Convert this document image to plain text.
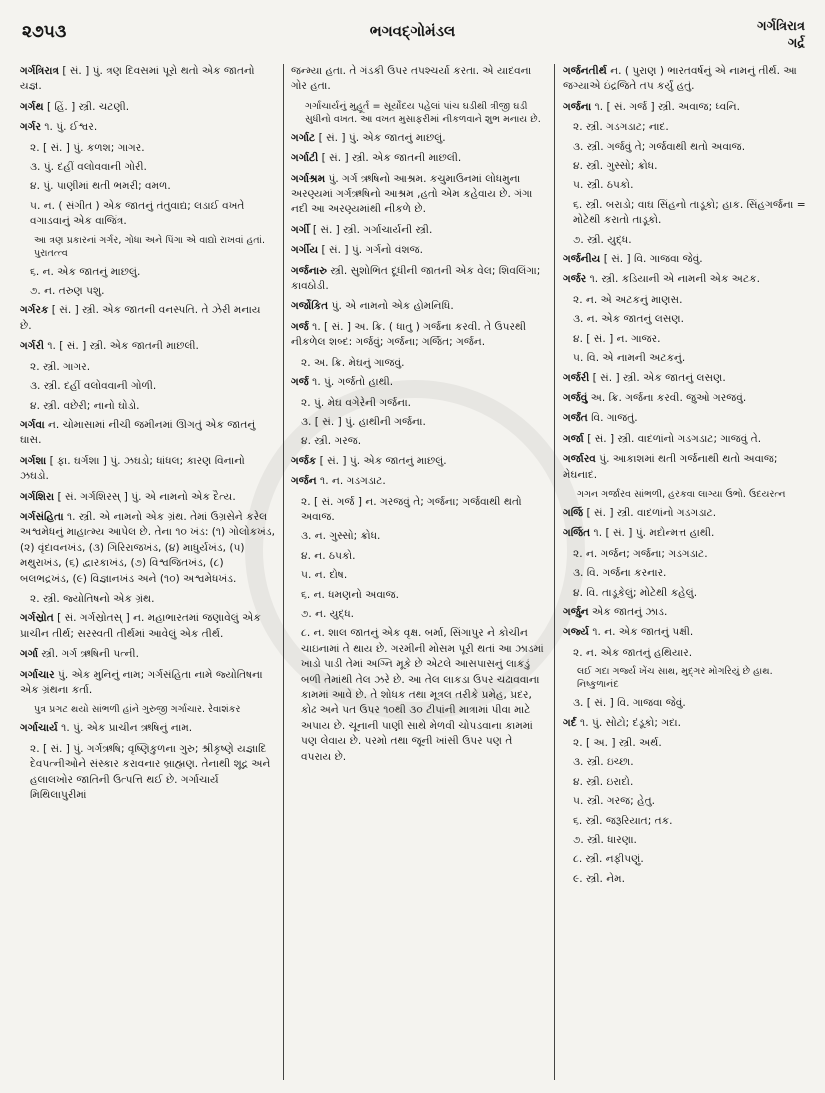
૨૭૫૩	ભગવદ્ગોમંડલ	ગર્ગત્રિરાત્ર
ગર્દ્ર
ગર્ગત્રિરાત્ર [ સં. ] પું. ત્રણ દિવસમાં પૂરો થતો એક જાતનો યજ્ઞ.
ગર્ગથ [ હિં. ] સ્ત્રી. ચટણી.
ગર્ગર ૧. પું. ઈશ્વર.
૨. [ સં. ] પું. કળશ; ગાગર.
૩. પું. દહીં વલોવવાની ગોરી.
૪. પું. પાણીમાં થતી ભમરી; વમળ.
૫. ન. ( સંગીત ) એક જાતનું તંતુવાદ્ય; લડાઈ વખતે વગાડવાનું એક વાજિંત્ર.
આ ત્રણ પ્રકારનાં ગર્ગર, ગોધા અને પિંગા એ વાદ્યો રાખવાં હતાં. પુરાતત્ત્વ
૬. ન. એક જાતનું માછલું.
૭. ન. તરુણ પશુ.
ગર્ગરક [ સં. ] સ્ત્રી. એક જાતની વનસ્પતિ. તે ઝેરી મનાય છે.
ગર્ગરી ૧. [ સં. ] સ્ત્રી. એક જાતની માછલી.
૨. સ્ત્રી. ગાગર.
૩. સ્ત્રી. દહીં વલોવવાની ગોળી.
૪. સ્ત્રી. વછેરી; નાનો ઘોડો.
ગર્ગવા ન. ચોમાસામાં નીચી જમીનમાં ઊગતું એક જાતનું ઘાસ.
ગર્ગશા [ ફા. ઘર્ગશા ] પું. ઝઘડો; ધાંધલ; કારણ વિનાનો ઝઘડો.
ગર્ગશિરા [ સં. ગર્ગશિરસ્ ] પું. એ નામનો એક દૈત્ય.
ગર્ગસંહિતા ૧. સ્ત્રી. એ નામનો એક ગ્રંથ. તેમાં ઉગ્રસેને કરેલ અશ્વમેધનું માહાત્મ્ય આપેલ છે. તેના ૧૦ ખંડ: (૧) ગોલોકખંડ, (૨) વૃંદાવનખંડ, (૩) ગિરિરાજખંડ, (૪) માધુર્યખંડ, (૫) મથુરાખંડ, (૬) દ્વારકાખંડ, (૭) વિશ્વજિતખંડ, (૮) બલભદ્રખંડ, (૯) વિજ્ઞાનખંડ અને (૧૦) અશ્વમેધખંડ.
૨. સ્ત્રી. જ્યોતિષનો એક ગ્રંથ.
ગર્ગસ્રોત [ સં. ગર્ગસ્રોતસ્ ] ન. મહાભારતમાં જણાવેલું એક પ્રાચીન તીર્થ; સરસ્વતી તીર્થમાં આવેલું એક તીર્થ.
ગર્ગા સ્ત્રી. ગર્ગ ઋષિની પત્ની.
ગર્ગાચાર પું. એક મુનિનું નામ; ગર્ગસંહિતા નામે જ્યોતિષના એક ગ્રંથના કર્તા.
પુત્ર પ્રગટ થયો સાંભળી હાંને ગુરુજી ગર્ગાચાર. રેવાશંકર
ગર્ગાચાર્ય ૧. પું. એક પ્રાચીન ઋષિનું નામ.
૨. [ સં. ] પું. ગર્ગઋષિ; વૃષ્ણિકુળના ગુરુ; શ્રીકૃષ્ણે યજ્ઞાદિ દેવપત્નીઓને સંસ્કાર કરાવનાર બ્રાહ્મણ. તેનાથી શૂદ્ર અને હલાલખોર જાતિની ઉત્પત્તિ થઈ છે. ગર્ગાચાર્ય મિથિલાપુરીમાં
જન્મ્યા હતા. તે ગંડકી ઉપર તપશ્ચર્યા કરતા. એ યાદવના ગોર હતા.
ગર્ગાચાર્યનું મુહૂર્ત = સૂર્યોદય પહેલાં પાંચ ઘડીથી ત્રીજી ઘડી સુધીનો વખત. આ વખત મુસાફરીમાં નીકળવાને શુભ મનાય છે.
ગર્ગાટ [ સં. ] પું. એક જાતનું માછલું.
ગર્ગાટી [ સં. ] સ્ત્રી. એક જાતની માછલી.
ગર્ગાશ્રમ પું. ગર્ગ ઋષિનો આશ્રમ. કચુમાઉનમાં લોધમુના અરણ્યમાં ગર્ગઋષિનો આશ્રમ ,હતો એમ કહેવાય છે. ગંગા નદી આ અરણ્યમાંથી નીકળે છે.
ગર્ગી [ સં. ] સ્ત્રી. ગર્ગાચાર્યની સ્ત્રી.
ગર્ગીય [ સં. ] પું. ગર્ગનો વંશજ.
ગર્જનારુ સ્ત્રી. સુશોભિત દૂધીની જાતની એક વેલ; શિવલિંગા; કાવઠોડી.
ગર્જોકિત પું. એ નામનો એક હોમનિધિ.
ગર્જ ૧. [ સં. ] અ. ક્રિ. ( ધાતુ ) ગર્જના કરવી. તે ઉપરથી નીકળેલ શબ્દ: ગર્જવું; ગર્જના; ગર્જિત; ગર્જન.
૨. અ. ક્રિ. મેઘનું ગાજવું.
ગર્જ ૧. પું. ગર્જતો હાથી.
૨. પું. મેઘ વગેરેની ગર્જના.
૩. [ સં. ] પું. હાથીની ગર્જના.
૪. સ્ત્રી. ગરજ.
ગર્જક [ સં. ] પું. એક જાતનું માછલું.
ગર્જન ૧. ન. ગડગડાટ.
૨. [ સં. ગર્જ ] ન. ગરજવું તે; ગર્જના; ગર્જવાથી થતો અવાજ.
૩. ન. ગુસ્સો; ક્રોધ.
૪. ન. ઠપકો.
૫. ન. દોષ.
૬. ન. ધમણનો અવાજ.
૭. ન. યુદ્ધ.
૮. ન. શાલ જાતનું એક વૃક્ષ. બર્મા, સિંગાપુર ને કોચીન ચાઇનામાં તે થાય છે. ગરમીની મોસમ પૂરી થતાં આ ઝાડમાં ખાડો પાડી તેમાં અગ્નિ મૂકે છે એટલે આસપાસનું લાકડું બળી તેમાંથી તેલ ઝરે છે. આ તેલ લાકડા ઉપર ચઢાવવાના કામમાં આવે છે. તે શોધક તથા મૂત્રલ તરીકે પ્રમેહ, પ્રદર, કોઢ અને પત ઉપર ૧૦થી ૩૦ ટીપાંની માત્રામાં પીવા માટે અપાય છે. ચૂનાની પાણી સાથે મેળવી ચોપડવાના કામમાં પણ લેવાય છે. પરમો તથા જૂની ખાંસી ઉપર પણ તે વપરાય છે.
ગર્જનતીર્થ ન. ( પુરાણ ) ભારતવર્ષનું એ નામનું તીર્થ. આ જગ્યાએ ઇંદ્રજિતે તપ કર્યું હતું.
ગર્જના ૧. [ સં. ગર્જ ] સ્ત્રી. અવાજ; ધ્વનિ.
૨. સ્ત્રી. ગડગડાટ; નાદ.
૩. સ્ત્રી. ગર્જવું તે; ગર્જવાથી થતો અવાજ.
૪. સ્ત્રી. ગુસ્સો; ક્રોધ.
૫. સ્ત્રી. ઠપકો.
૬. સ્ત્રી. બરાડો; વાઘ સિંહનો તાડૂકો; હાક. સિંહગર્જના = મોટેથી કરાતો તાડૂકો.
૭. સ્ત્રી. યુદ્ધ.
ગર્જનીય [ સં. ] વિ. ગાજવા જેવું.
ગર્જર ૧. સ્ત્રી. કડિયાની એ નામની એક અટક.
૨. ન. એ અટકનું માણસ.
૩. ન. એક જાતનું લસણ.
૪. [ સં. ] ન. ગાજર.
૫. વિ. એ નામની અટકનું.
ગર્જરી [ સં. ] સ્ત્રી. એક જાતનું લસણ.
ગર્જવું અ. ક્રિ. ગર્જના કરવી. જુઓ ગરજવું.
ગર્જંત વિ. ગાજતું.
ગર્જા [ સં. ] સ્ત્રી. વાદળાંનો ગડગડાટ; ગાજવું તે.
ગર્જારવ પું. આકાશમાં થતી ગર્જનાથી થતો અવાજ; મેઘનાદ.
ગગન ગર્જારવ સાંભળી, હરકવા લાગ્યા ઉભો. ઉદયરત્ન
ગર્જિ [ સં. ] સ્ત્રી. વાદળાંનો ગડગડાટ.
ગર્જિત ૧. [ સં. ] પું. મદોન્મત્ત હાથી.
૨. ન. ગર્જન; ગર્જના; ગડગડાટ.
૩. વિ. ગર્જના કરનાર.
૪. વિ. તાડૂકેલું; મોટેથી કહેલું.
ગર્જુન એક જાતનું ઝાડ.
ગર્જ્ય ૧. ન. એક જાતનું પક્ષી.
૨. ન. એક જાતનું હથિયાર.
લઈ ગદા ગર્જ્ય ખેંચ સાથ, મુદ્ગર મોગરિયું છે હાથ. નિષ્કુળાનંદ
૩. [ સં. ] વિ. ગાજવા જેવું.
ગર્દ ૧. પું. સોટો; દંડૂકો; ગદા.
૨. [ અ. ] સ્ત્રી. અર્થ.
૩. સ્ત્રી. ઇચ્છા.
૪. સ્ત્રી. ઇરાદો.
૫. સ્ત્રી. ગરજ; હેતુ.
૬. સ્ત્રી. જરૂરિયાત; તક.
૭. સ્ત્રી. ધારણા.
૮. સ્ત્રી. નફીપણું.
૯. સ્ત્રી. નેમ.
